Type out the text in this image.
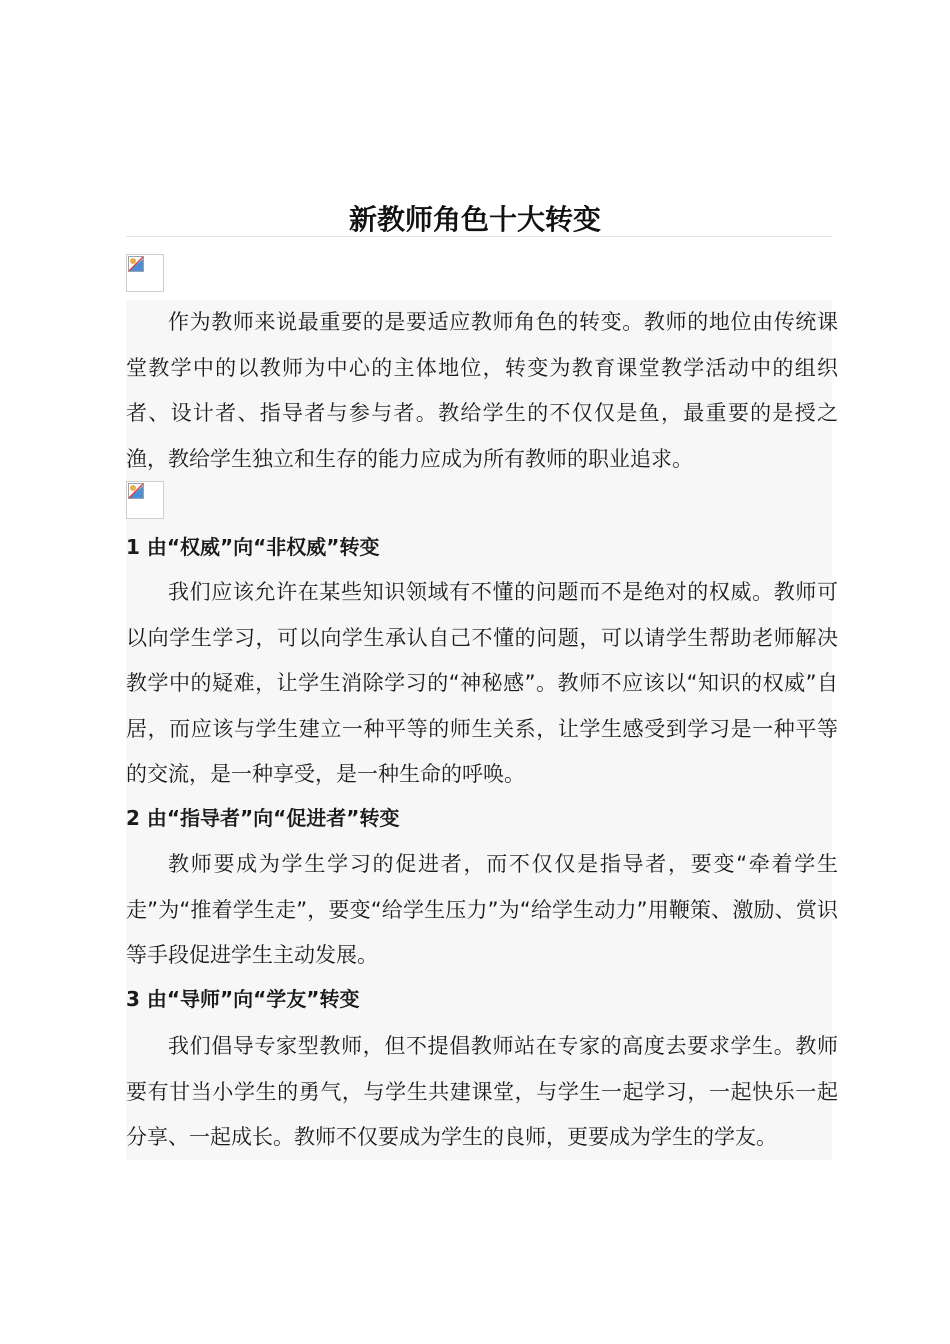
新教师角色十大转变

作为教师来说最重要的是要适应教师角色的转变。教师的地位由传统课堂教学中的以教师为中心的主体地位，转变为教育课堂教学活动中的组织者、设计者、指导者与参与者。教给学生的不仅仅是鱼，最重要的是授之渔，教给学生独立和生存的能力应成为所有教师的职业追求。

1 由“权威”向“非权威”转变

我们应该允许在某些知识领域有不懂的问题而不是绝对的权威。教师可以向学生学习，可以向学生承认自己不懂的问题，可以请学生帮助老师解决教学中的疑难，让学生消除学习的“神秘感”。教师不应该以“知识的权威”自居，而应该与学生建立一种平等的师生关系，让学生感受到学习是一种平等的交流，是一种享受，是一种生命的呼唤。

2 由“指导者”向“促进者”转变

教师要成为学生学习的促进者，而不仅仅是指导者，要变“牵着学生走”为“推着学生走”，要变“给学生压力”为“给学生动力”用鞭策、激励、赏识等手段促进学生主动发展。

3 由“导师”向“学友”转变

我们倡导专家型教师，但不提倡教师站在专家的高度去要求学生。教师要有甘当小学生的勇气，与学生共建课堂，与学生一起学习，一起快乐一起分享、一起成长。教师不仅要成为学生的良师，更要成为学生的学友。
